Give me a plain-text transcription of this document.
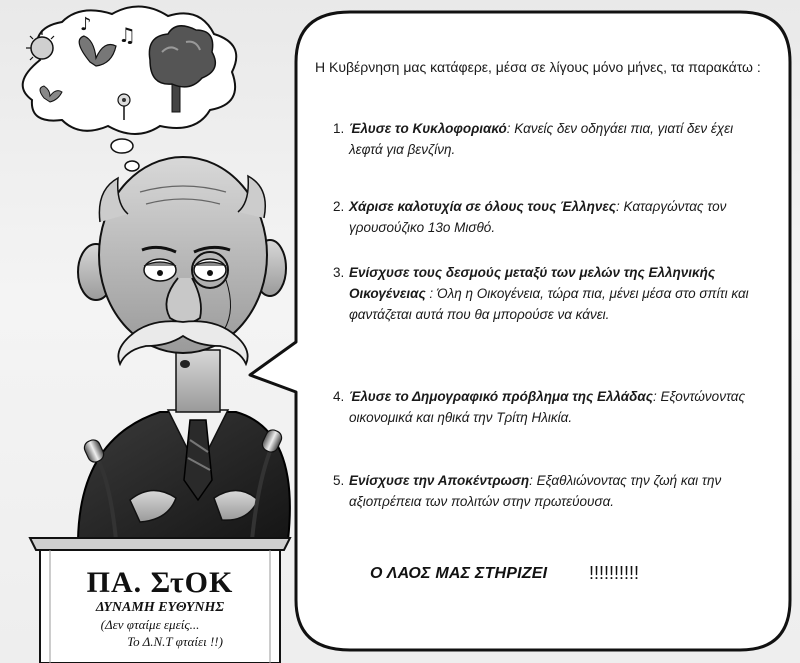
♪ ♫
Η Κυβέρνηση μας κατάφερε, μέσα σε λίγους μόνο μήνες, τα παρακάτω :
1. Έλυσε το Κυκλοφοριακό: Κανείς δεν οδηγάει πια, γιατί δεν έχει λεφτά για βενζίνη.
2. Χάρισε καλοτυχία σε όλους τους Έλληνες: Καταργώντας τον γρουσούζικο 13ο Μισθό.
3. Ενίσχυσε τους δεσμούς μεταξύ των μελών της Ελληνικής Οικογένειας : Όλη η Οικογένεια, τώρα πια, μένει μέσα στο σπίτι και φαντάζεται αυτά που θα μπορούσε να κάνει.
4. Έλυσε το Δημογραφικό πρόβλημα της Ελλάδας: Εξοντώνοντας οικονομικά και ηθικά την Τρίτη Ηλικία.
5. Ενίσχυσε την Αποκέντρωση: Εξαθλιώνοντας την ζωή και την αξιοπρέπεια των πολιτών στην πρωτεύουσα.
Ο ΛΑΟΣ ΜΑΣ ΣΤΗΡΙΖΕΙ !!!!!!!!!!
ΠΑ. ΣτΟΚ
ΔΥΝΑΜΗ ΕΥΘΥΝΗΣ
(Δεν φταίμε εμείς...
Το Δ.Ν.Τ φταίει !!)
